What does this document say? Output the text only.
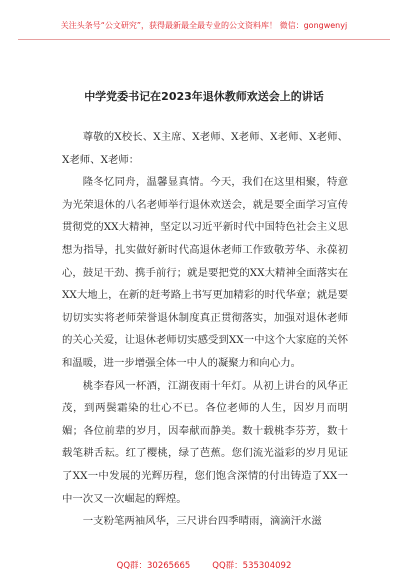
关注头条号“公文研究”，获得最新最全最专业的公文资料库！ 微信：gongwenyj
中学党委书记在2023年退休教师欢送会上的讲话

尊敬的X校长、X主席、X老师、X老师、X老师、X老师、X老师、X老师：

隆冬忆同舟，温馨显真情。今天，我们在这里相聚，特意为光荣退休的八名老师举行退休欢送会，就是要全面学习宣传贯彻党的XX大精神，坚定以习近平新时代中国特色社会主义思想为指导，扎实做好新时代高退休老师工作致敬芳华、永葆初心，鼓足干劲、携手前行；就是要把党的XX大精神全面落实在XX大地上，在新的赶考路上书写更加精彩的时代华章；就是要切切实实将老师荣誉退休制度真正贯彻落实，加强对退休老师的关心关爱，让退休老师切实感受到XX一中这个大家庭的关怀和温暖，进一步增强全体一中人的凝聚力和向心力。

桃李春风一杯酒，江湖夜雨十年灯。从初上讲台的风华正茂，到两鬓霜染的壮心不已。各位老师的人生，因岁月而明媚；各位前辈的岁月，因奉献而静美。数十载桃李芬芳，数十载笔耕舌耘。红了樱桃，绿了芭蕉。您们流光溢彩的岁月见证了XX一中发展的光辉历程，您们饱含深情的付出铸造了XX一中一次又一次崛起的辉煌。

一支粉笔两袖风华，三尺讲台四季晴雨，滴滴汗水滋

QQ群：30265665	QQ群：535304092
